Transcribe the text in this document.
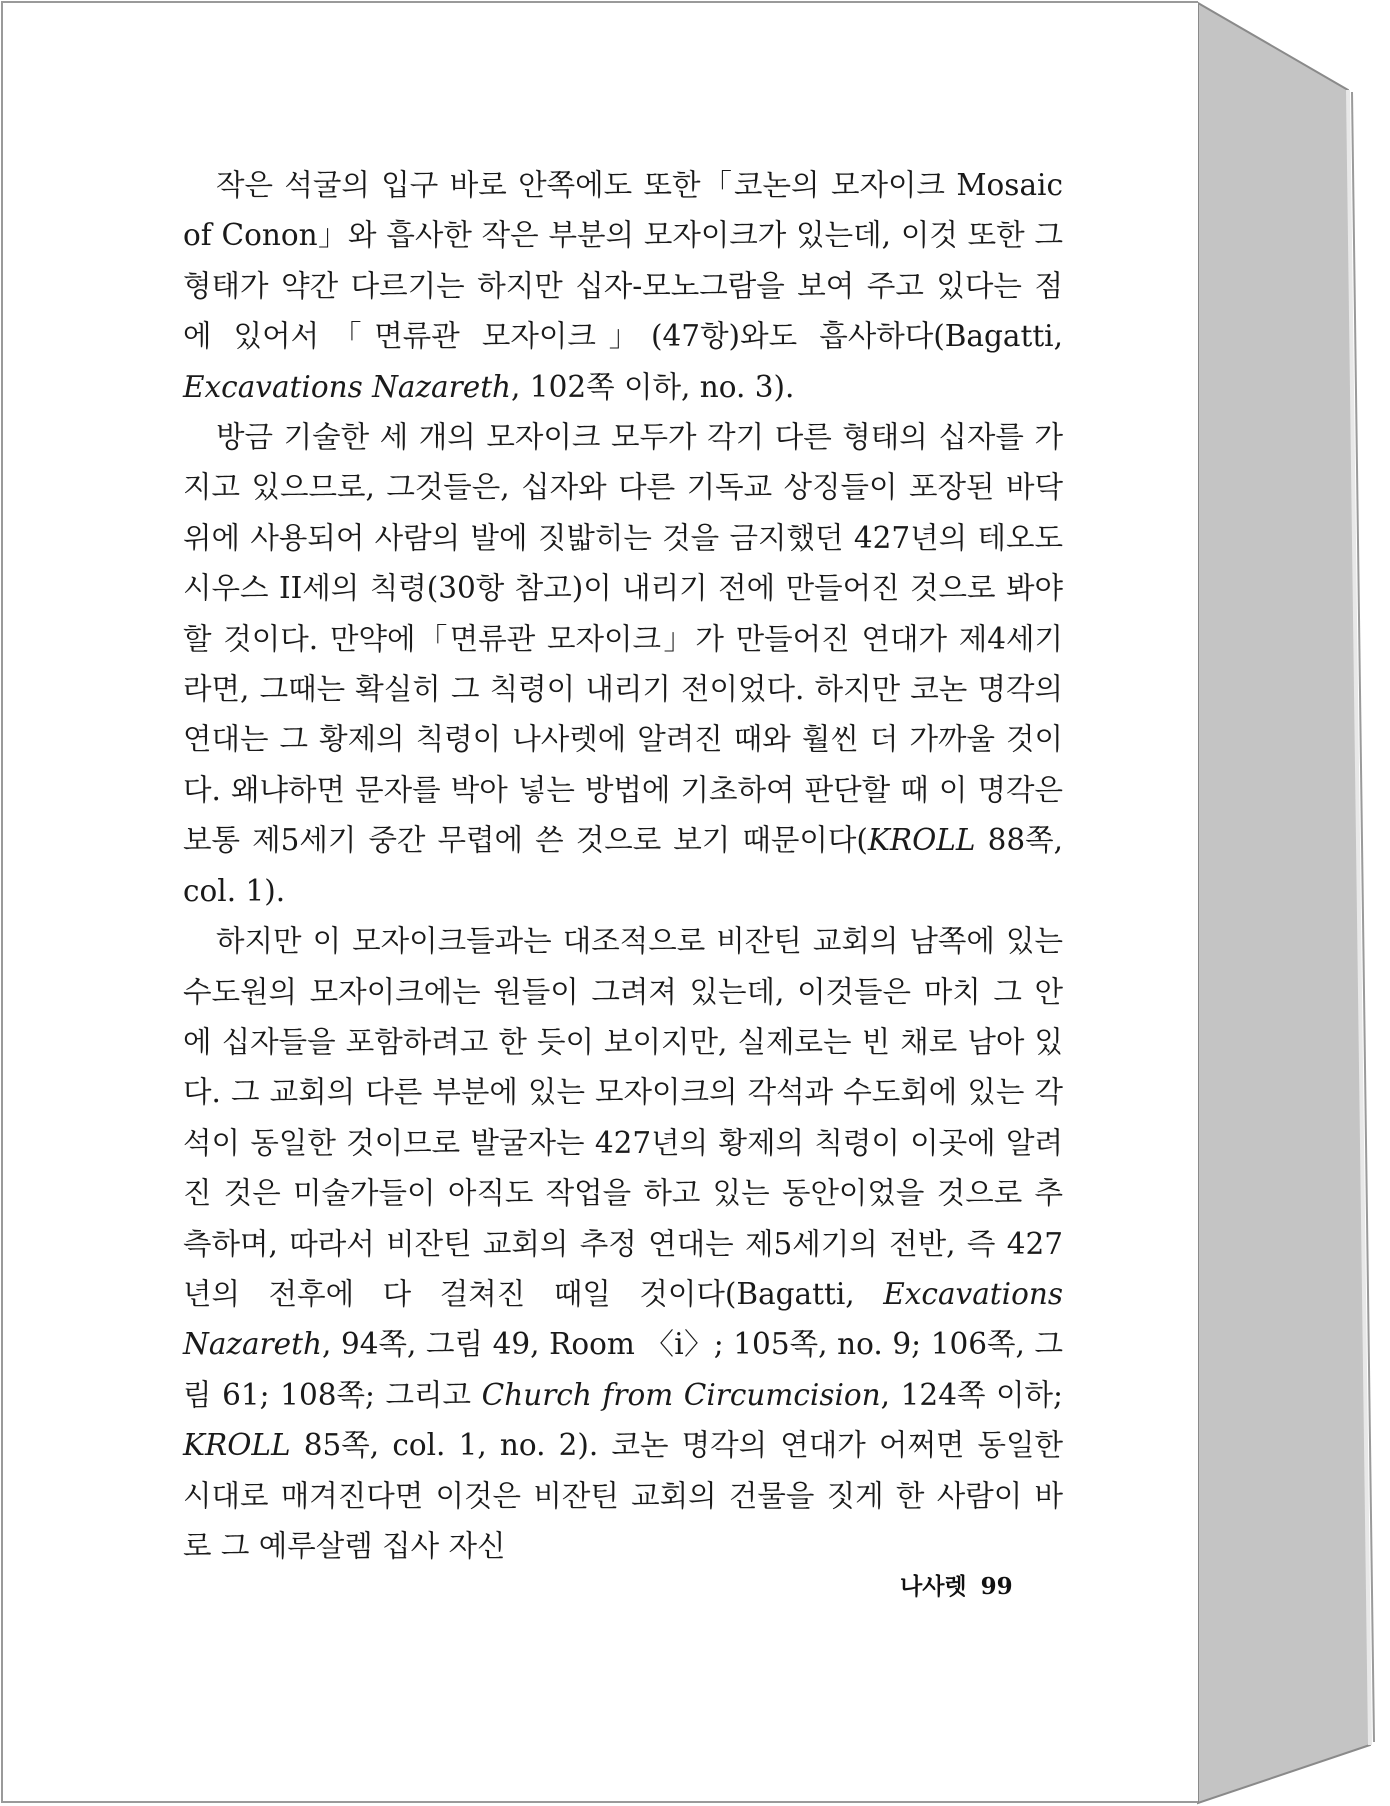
작은 석굴의 입구 바로 안쪽에도 또한「코논의 모자이크 Mosaic of Conon」와 흡사한 작은 부분의 모자이크가 있는데, 이것 또한 그 형태가 약간 다르기는 하지만 십자-모노그람을 보여 주고 있다는 점에 있어서「면류관 모자이크」(47항)와도 흡사하다(Bagatti, Excavations Nazareth, 102쪽 이하, no. 3).

방금 기술한 세 개의 모자이크 모두가 각기 다른 형태의 십자를 가지고 있으므로, 그것들은, 십자와 다른 기독교 상징들이 포장된 바닥 위에 사용되어 사람의 발에 짓밟히는 것을 금지했던 427년의 테오도시우스 II세의 칙령(30항 참고)이 내리기 전에 만들어진 것으로 봐야 할 것이다. 만약에「면류관 모자이크」가 만들어진 연대가 제4세기라면, 그때는 확실히 그 칙령이 내리기 전이었다. 하지만 코논 명각의 연대는 그 황제의 칙령이 나사렛에 알려진 때와 훨씬 더 가까울 것이다. 왜냐하면 문자를 박아 넣는 방법에 기초하여 판단할 때 이 명각은 보통 제5세기 중간 무렵에 쓴 것으로 보기 때문이다(KROLL 88쪽, col. 1).

하지만 이 모자이크들과는 대조적으로 비잔틴 교회의 남쪽에 있는 수도원의 모자이크에는 원들이 그려져 있는데, 이것들은 마치 그 안에 십자들을 포함하려고 한 듯이 보이지만, 실제로는 빈 채로 남아 있다. 그 교회의 다른 부분에 있는 모자이크의 각석과 수도회에 있는 각석이 동일한 것이므로 발굴자는 427년의 황제의 칙령이 이곳에 알려진 것은 미술가들이 아직도 작업을 하고 있는 동안이었을 것으로 추측하며, 따라서 비잔틴 교회의 추정 연대는 제5세기의 전반, 즉 427년의 전후에 다 걸쳐진 때일 것이다(Bagatti, Excavations Nazareth, 94쪽, 그림 49, Room 〈i〉; 105쪽, no. 9; 106쪽, 그림 61; 108쪽; 그리고 Church from Circumcision, 124쪽 이하; KROLL 85쪽, col. 1, no. 2). 코논 명각의 연대가 어쩌면 동일한 시대로 매겨진다면 이것은 비잔틴 교회의 건물을 짓게 한 사람이 바로 그 예루살렘 집사 자신

나사렛 99
